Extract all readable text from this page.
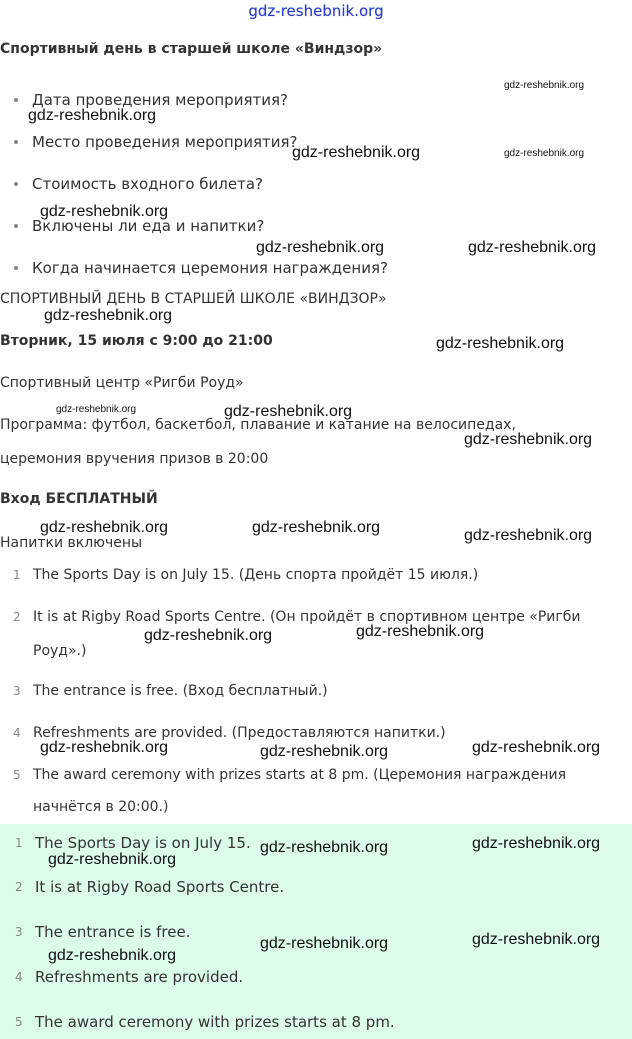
gdz-reshebnik.org
Спортивный день в старшей школе «Виндзор»
Дата проведения мероприятия?
Место проведения мероприятия?
Стоимость входного билета?
Включены ли еда и напитки?
Когда начинается церемония награждения?
СПОРТИВНЫЙ ДЕНЬ В СТАРШЕЙ ШКОЛЕ «ВИНДЗОР»
Вторник, 15 июля с 9:00 до 21:00
Спортивный центр «Ригби Роуд»
Программа: футбол, баскетбол, плавание и катание на велосипедах,
церемония вручения призов в 20:00
Вход БЕСПЛАТНЫЙ
Напитки включены
1 The Sports Day is on July 15. (День спорта пройдёт 15 июля.)
2 It is at Rigby Road Sports Centre. (Он пройдёт в спортивном центре «Ригби
Роуд».)
3 The entrance is free. (Вход бесплатный.)
4 Refreshments are provided. (Предоставляются напитки.)
5 The award ceremony with prizes starts at 8 pm. (Церемония награждения
начнётся в 20:00.)
1 The Sports Day is on July 15.
2 It is at Rigby Road Sports Centre.
3 The entrance is free.
4 Refreshments are provided.
5 The award ceremony with prizes starts at 8 pm.
gdz-reshebnik.org
gdz-reshebnik.org
gdz-reshebnik.org	gdz-reshebnik.org
gdz-reshebnik.org
gdz-reshebnik.org	gdz-reshebnik.org
gdz-reshebnik.org
gdz-reshebnik.org
gdz-reshebnik.org	gdz-reshebnik.org
gdz-reshebnik.org
gdz-reshebnik.org	gdz-reshebnik.org	gdz-reshebnik.org
gdz-reshebnik.org	gdz-reshebnik.org
gdz-reshebnik.org	gdz-reshebnik.org	gdz-reshebnik.org
gdz-reshebnik.org	gdz-reshebnik.org
gdz-reshebnik.org
gdz-reshebnik.org	gdz-reshebnik.org
gdz-reshebnik.org
